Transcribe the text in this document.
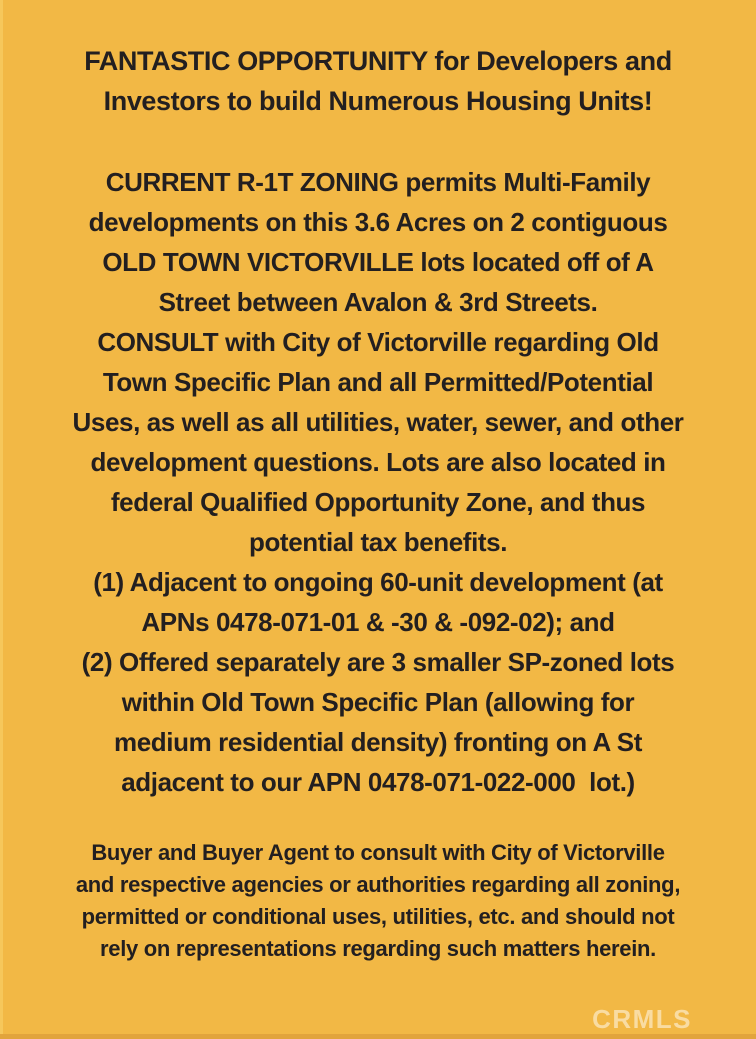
FANTASTIC OPPORTUNITY for Developers and
Investors to build Numerous Housing Units!
CURRENT R-1T ZONING permits Multi-Family
developments on this 3.6 Acres on 2 contiguous
OLD TOWN VICTORVILLE lots located off of A
Street between Avalon & 3rd Streets.
CONSULT with City of Victorville regarding Old
Town Specific Plan and all Permitted/Potential
Uses, as well as all utilities, water, sewer, and other
development questions. Lots are also located in
federal Qualified Opportunity Zone, and thus
potential tax benefits.
(1) Adjacent to ongoing 60-unit development (at
APNs 0478-071-01 & -30 & -092-02); and
(2) Offered separately are 3 smaller SP-zoned lots
within Old Town Specific Plan (allowing for
medium residential density) fronting on A St
adjacent to our APN 0478-071-022-000  lot.)
Buyer and Buyer Agent to consult with City of Victorville
and respective agencies or authorities regarding all zoning,
permitted or conditional uses, utilities, etc. and should not
rely on representations regarding such matters herein.
CRMLS
